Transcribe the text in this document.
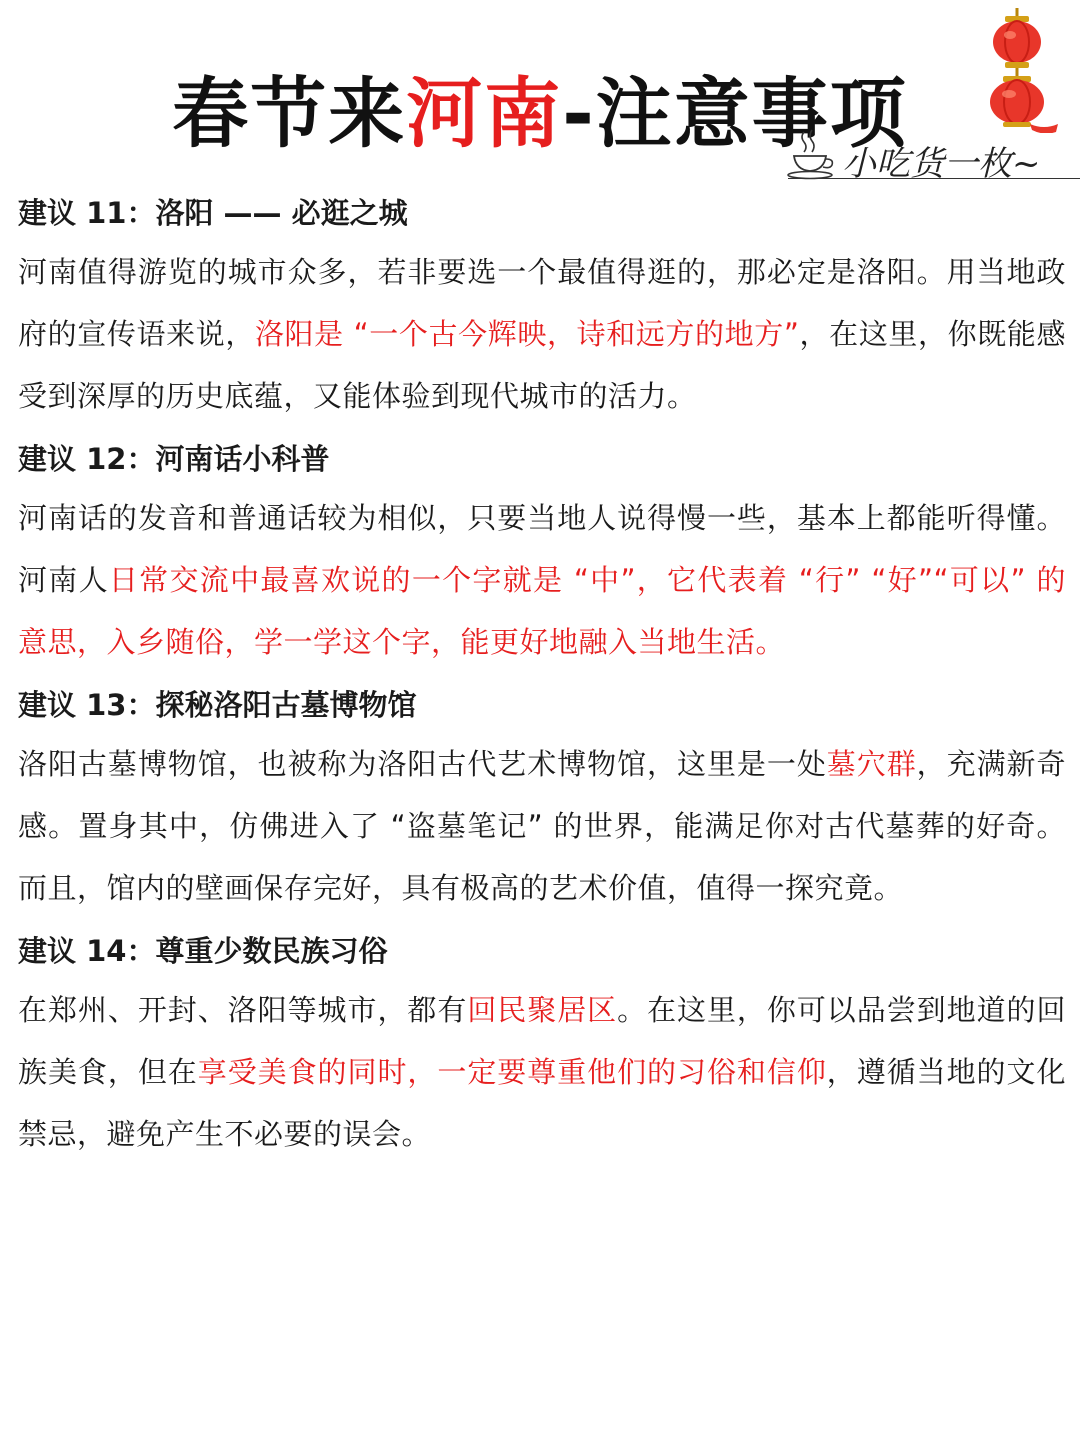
春节来河南-注意事项
小吃货一枚~
建议 11：洛阳 —— 必逛之城

河南值得游览的城市众多，若非要选一个最值得逛的，那必定是洛阳。用当地政府的宣传语来说，洛阳是 “一个古今辉映，诗和远方的地方”，在这里，你既能感受到深厚的历史底蕴，又能体验到现代城市的活力。

建议 12：河南话小科普

河南话的发音和普通话较为相似，只要当地人说得慢一些，基本上都能听得懂。河南人日常交流中最喜欢说的一个字就是 “中”，它代表着 “行” “好”“可以” 的意思，入乡随俗，学一学这个字，能更好地融入当地生活。

建议 13：探秘洛阳古墓博物馆

洛阳古墓博物馆，也被称为洛阳古代艺术博物馆，这里是一处墓穴群，充满新奇感。置身其中，仿佛进入了 “盗墓笔记” 的世界，能满足你对古代墓葬的好奇。而且，馆内的壁画保存完好，具有极高的艺术价值，值得一探究竟。

建议 14：尊重少数民族习俗

在郑州、开封、洛阳等城市，都有回民聚居区。在这里，你可以品尝到地道的回族美食，但在享受美食的同时，一定要尊重他们的习俗和信仰，遵循当地的文化禁忌，避免产生不必要的误会。
